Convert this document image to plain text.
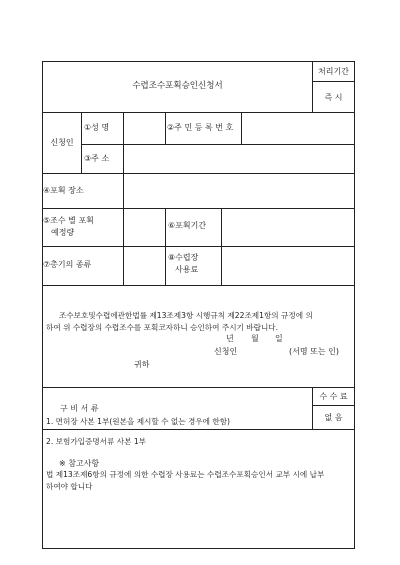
수렵조수포획승인신청서
처리기간
즉 시
신청인
①성 명	②주 민 등 록 번 호
③주 소
④포획 장소
⑤조수 별 포획
예정량
⑥포획기간
⑦총기의 종류
⑧수렵장
사용료
조수보호및수렵에관한법률 제13조제3항 시행규칙 제22조제1항의 규정에 의
하여 위 수렵장의 수렵조수를 포획코자하니 승인하여 주시기 바랍니다.
년 월 일
신청인	(서명 또는 인)
귀하
구 비 서 류
1. 면허장 사본 1부(원본을 제시할 수 없는 경우에 한함)
2. 보험가입증명서류 사본 1부
수 수 료
없 음
※ 참고사항
법 제13조제6항의 규정에 의한 수렵장 사용료는 수렵조수포획승인서 교부 시에 납부
하여야 합니다
